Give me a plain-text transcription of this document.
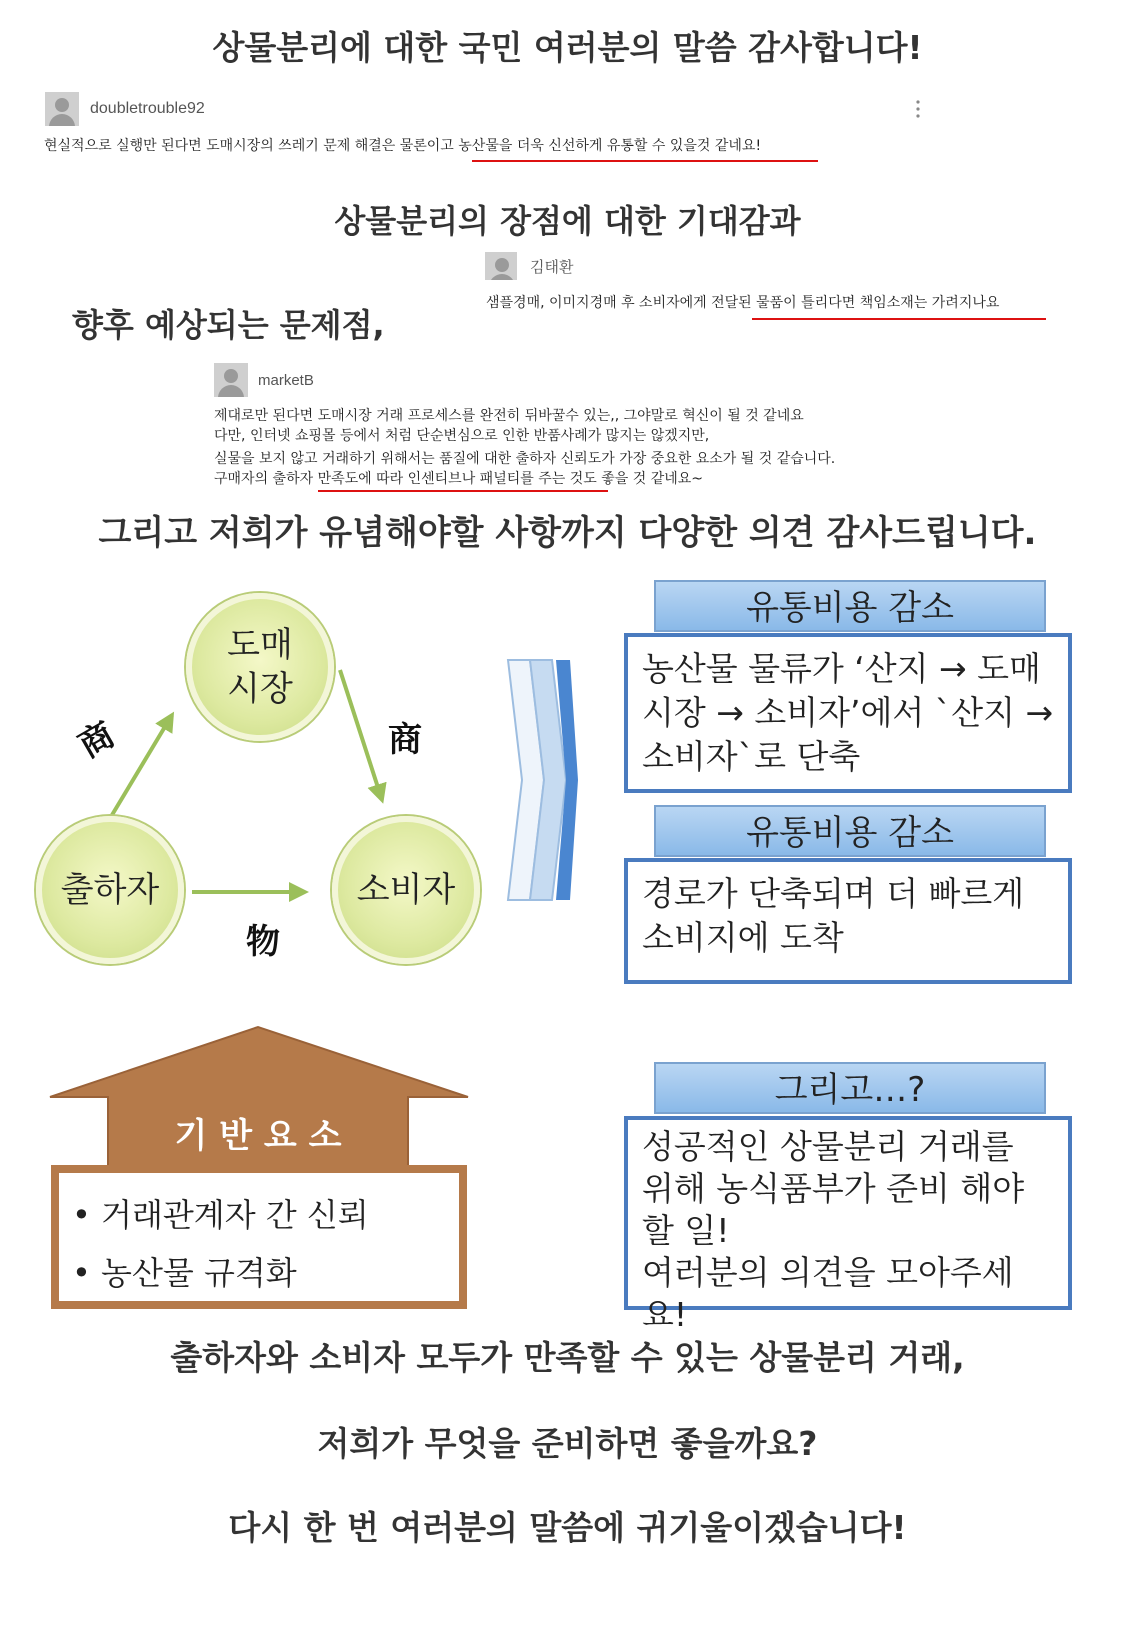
상물분리에 대한 국민 여러분의 말씀 감사합니다!
doubletrouble92
현실적으로 실행만 된다면 도매시장의 쓰레기 문제 해결은 물론이고 농산물을 더욱 신선하게 유통할 수 있을것 같네요!
상물분리의 장점에 대한 기대감과
김태환
샘플경매, 이미지경매 후 소비자에게 전달된 물품이 틀리다면 책임소재는 가려지나요
향후 예상되는 문제점,
marketB
제대로만 된다면 도매시장 거래 프로세스를 완전히 뒤바꿀수 있는,, 그야말로 혁신이 될 것 같네요
다만, 인터넷 쇼핑몰 등에서 처럼 단순변심으로 인한 반품사례가 많지는 않겠지만,
실물을 보지 않고 거래하기 위해서는 품질에 대한 출하자 신뢰도가 가장 중요한 요소가 될 것 같습니다.
구매자의 출하자 만족도에 따라 인센티브나 패널티를 주는 것도 좋을 것 같네요~
그리고 저희가 유념해야할 사항까지 다양한 의견 감사드립니다.
도매
시장
출하자	소비자
商	商
物
유통비용 감소
농산물 물류가 ‘산지 → 도매시장 → 소비자’에서 `산지 → 소비자`로 단축
유통비용 감소
경로가 단축되며 더 빠르게 소비지에 도착
그리고…?
성공적인 상물분리 거래를 위해 농식품부가 준비 해야 할 일!
여러분의 의견을 모아주세요!
기 반 요 소
• 거래관계자 간 신뢰
• 농산물 규격화
출하자와 소비자 모두가 만족할 수 있는 상물분리 거래,
저희가 무엇을 준비하면 좋을까요?
다시 한 번 여러분의 말씀에 귀기울이겠습니다!
